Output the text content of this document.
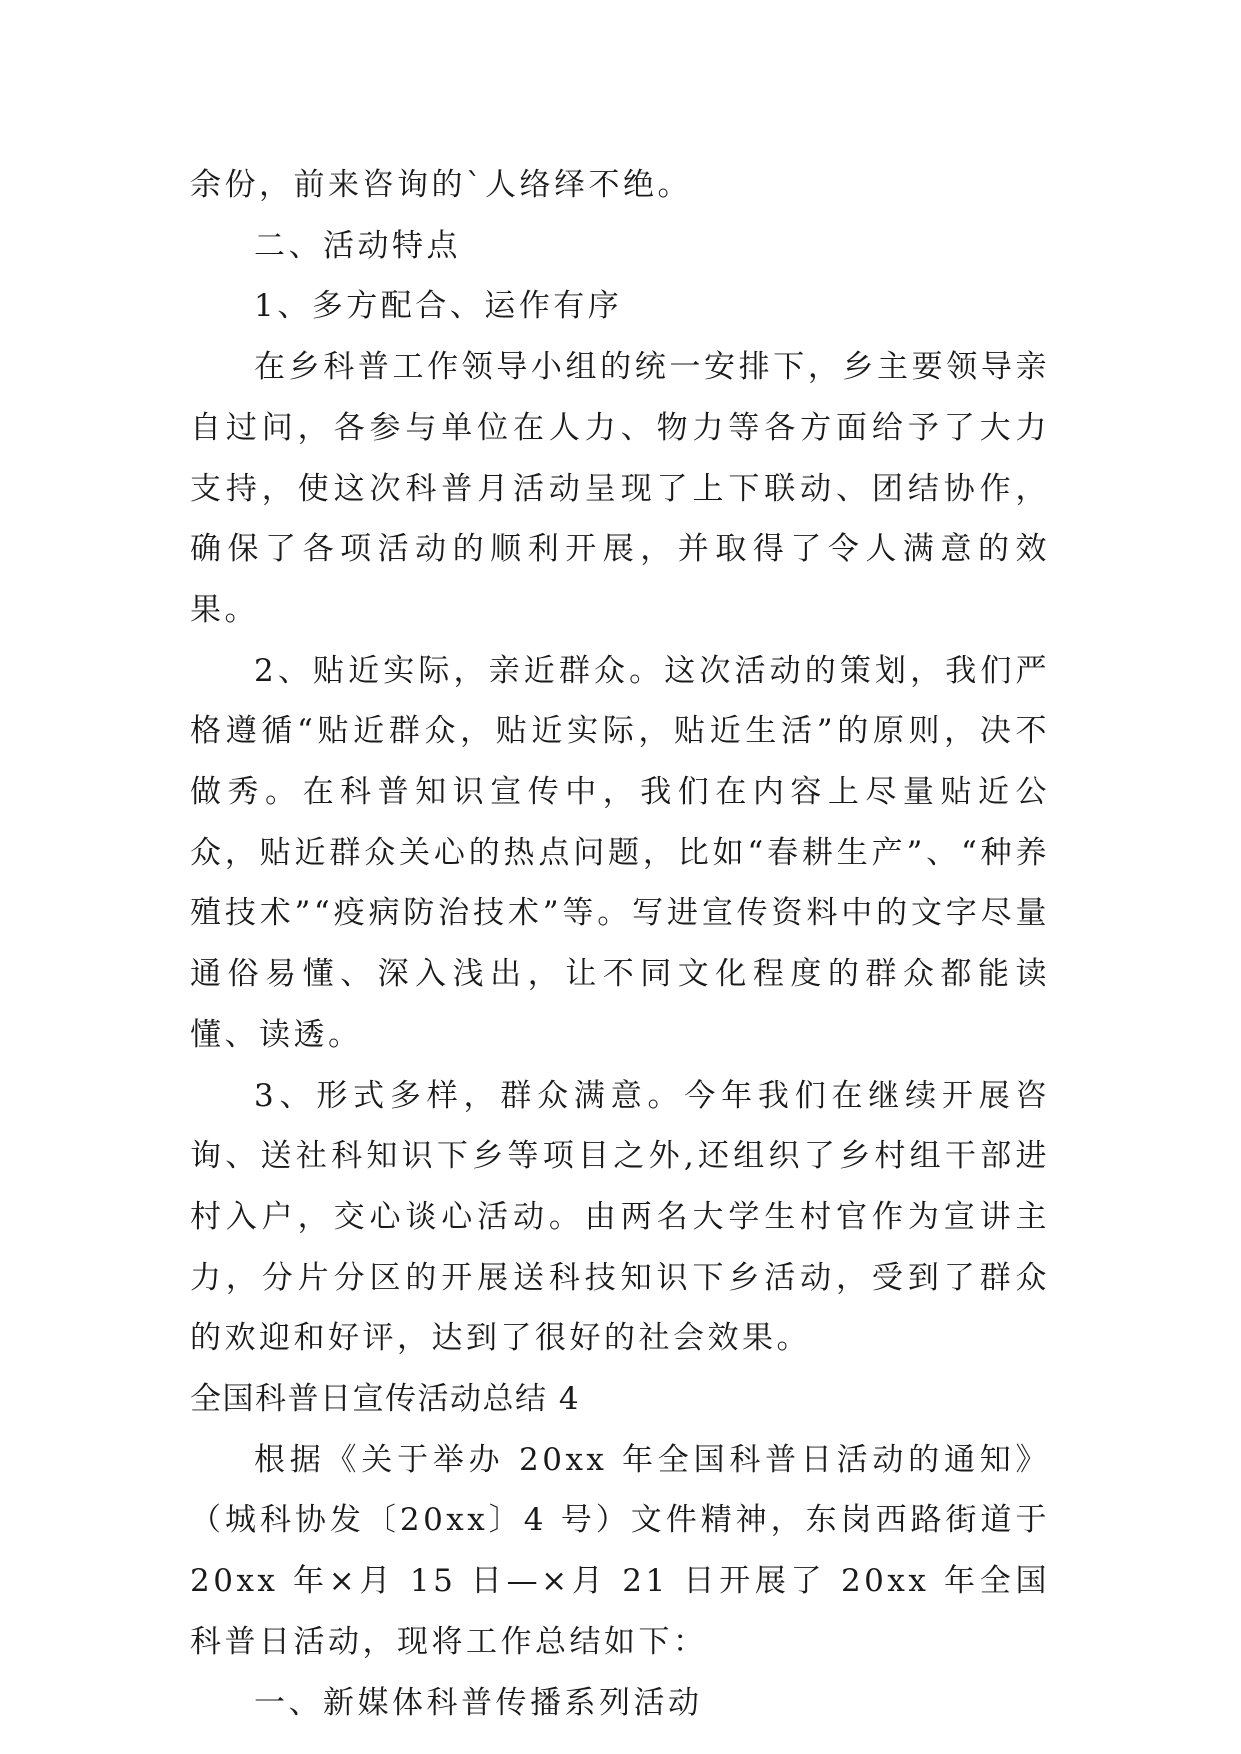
余份，前来咨询的`人络绎不绝。

二、活动特点

1、多方配合、运作有序

在乡科普工作领导小组的统一安排下，乡主要领导亲自过问，各参与单位在人力、物力等各方面给予了大力支持，使这次科普月活动呈现了上下联动、团结协作，确保了各项活动的顺利开展，并取得了令人满意的效果。

2、贴近实际，亲近群众。这次活动的策划，我们严格遵循“贴近群众，贴近实际，贴近生活”的原则，决不做秀。在科普知识宣传中，我们在内容上尽量贴近公众，贴近群众关心的热点问题，比如“春耕生产”、“种养殖技术”“疫病防治技术”等。写进宣传资料中的文字尽量通俗易懂、深入浅出，让不同文化程度的群众都能读懂、读透。

3、形式多样，群众满意。今年我们在继续开展咨询、送社科知识下乡等项目之外,还组织了乡村组干部进村入户，交心谈心活动。由两名大学生村官作为宣讲主力，分片分区的开展送科技知识下乡活动，受到了群众的欢迎和好评，达到了很好的社会效果。

全国科普日宣传活动总结 4

根据《关于举办 20xx 年全国科普日活动的通知》（城科协发〔20xx〕4 号）文件精神，东岗西路街道于 20xx 年×月 15 日—×月 21 日开展了 20xx 年全国科普日活动，现将工作总结如下：

一、新媒体科普传播系列活动
